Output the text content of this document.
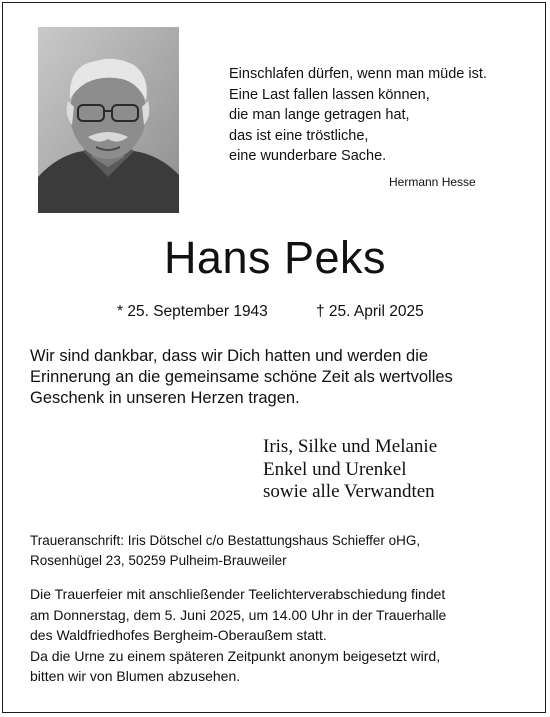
Einschlafen dürfen, wenn man müde ist.
Eine Last fallen lassen können,
die man lange getragen hat,
das ist eine tröstliche,
eine wunderbare Sache.
Hermann Hesse
Hans Peks
* 25. September 1943	† 25. April 2025
Wir sind dankbar, dass wir Dich hatten und werden die
Erinnerung an die gemeinsame schöne Zeit als wertvolles
Geschenk in unseren Herzen tragen.
Iris, Silke und Melanie
Enkel und Urenkel
sowie alle Verwandten
Traueranschrift: Iris Dötschel c/o Bestattungshaus Schieffer oHG,
Rosenhügel 23, 50259 Pulheim-Brauweiler
Die Trauerfeier mit anschließender Teelichterverabschiedung findet
am Donnerstag, dem 5. Juni 2025, um 14.00 Uhr in der Trauerhalle
des Waldfriedhofes Bergheim-Oberaußem statt.
Da die Urne zu einem späteren Zeitpunkt anonym beigesetzt wird,
bitten wir von Blumen abzusehen.
